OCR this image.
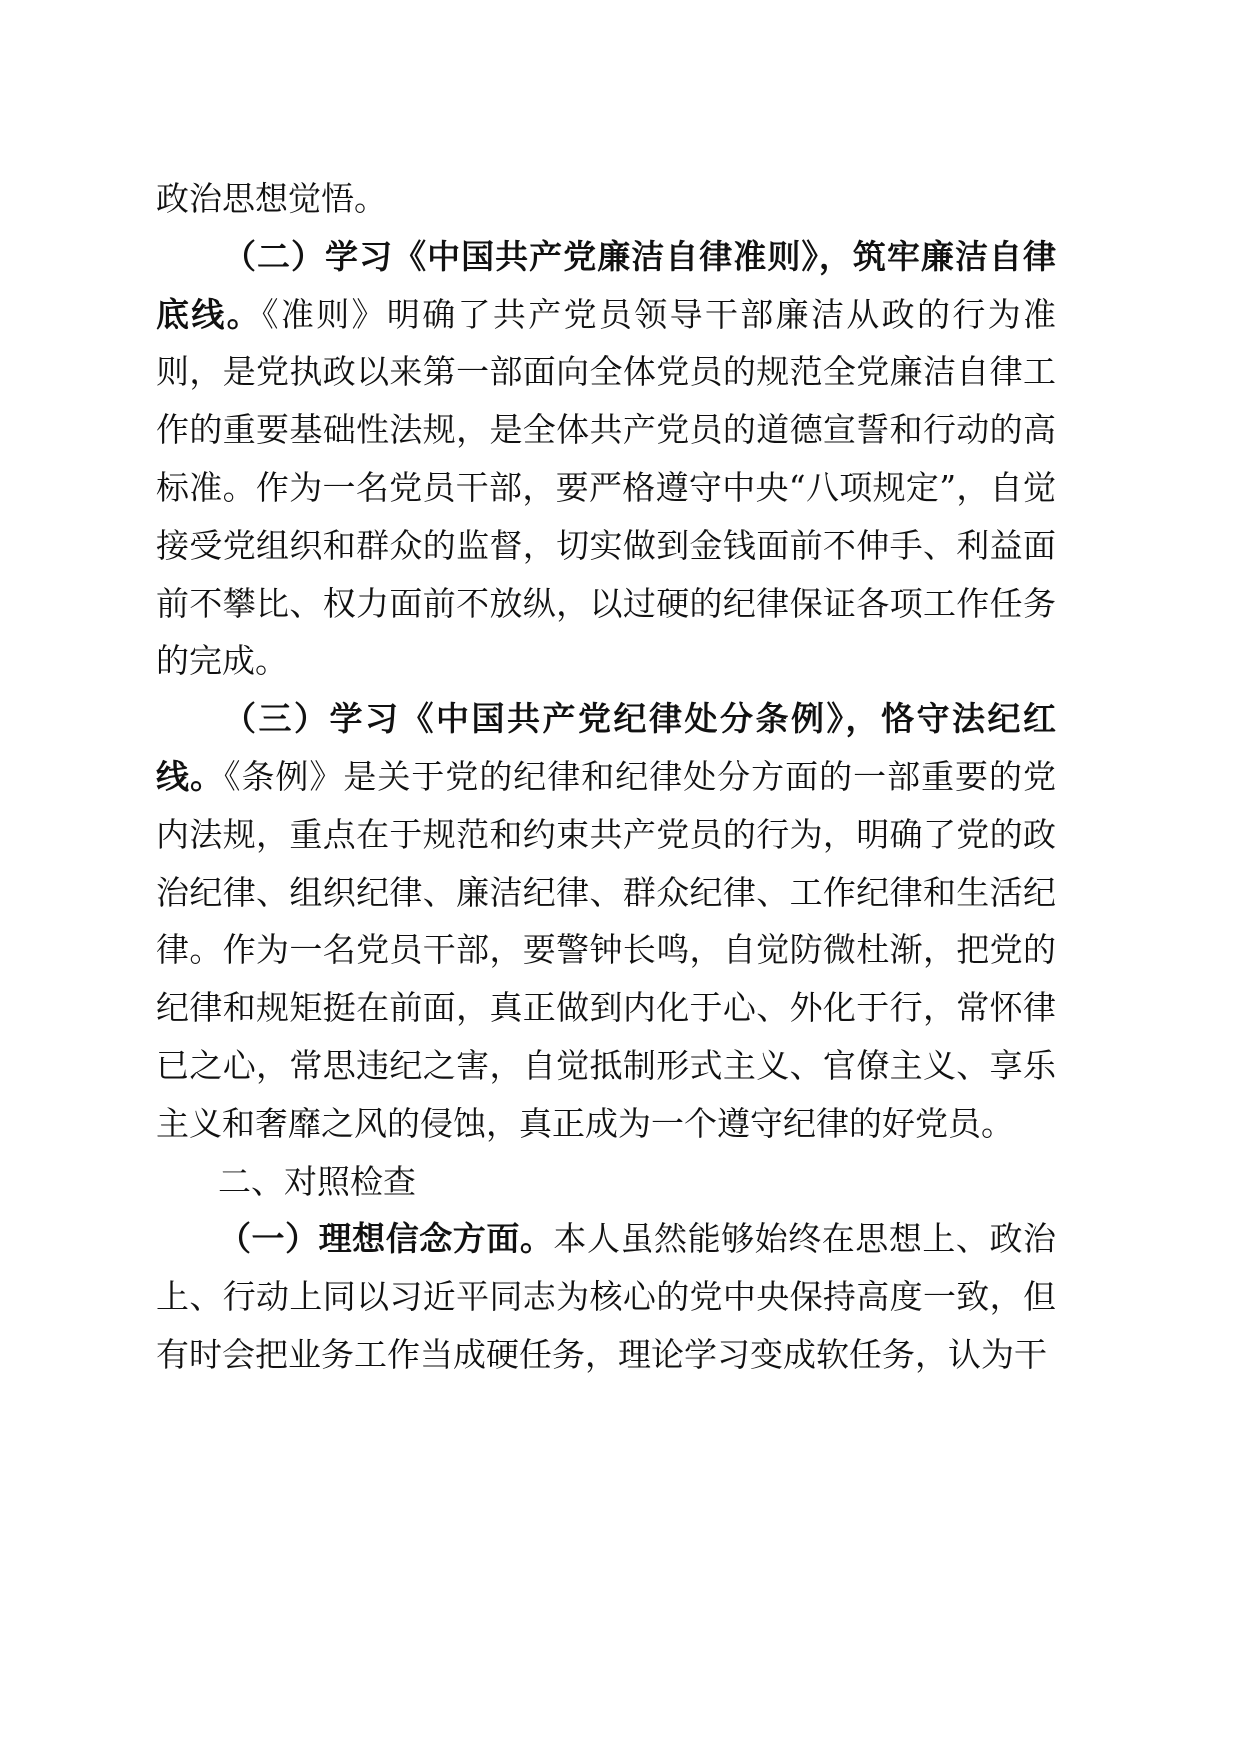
政治思想觉悟。

（二）学习《中国共产党廉洁自律准则》，筑牢廉洁自律底线。《准则》明确了共产党员领导干部廉洁从政的行为准则，是党执政以来第一部面向全体党员的规范全党廉洁自律工作的重要基础性法规，是全体共产党员的道德宣誓和行动的高标准。作为一名党员干部，要严格遵守中央“八项规定”，自觉接受党组织和群众的监督，切实做到金钱面前不伸手、利益面前不攀比、权力面前不放纵，以过硬的纪律保证各项工作任务的完成。

（三）学习《中国共产党纪律处分条例》，恪守法纪红线。《条例》是关于党的纪律和纪律处分方面的一部重要的党内法规，重点在于规范和约束共产党员的行为，明确了党的政治纪律、组织纪律、廉洁纪律、群众纪律、工作纪律和生活纪律。作为一名党员干部，要警钟长鸣，自觉防微杜渐，把党的纪律和规矩挺在前面，真正做到内化于心、外化于行，常怀律已之心，常思违纪之害，自觉抵制形式主义、官僚主义、享乐主义和奢靡之风的侵蚀，真正成为一个遵守纪律的好党员。

二、对照检查

（一）理想信念方面。本人虽然能够始终在思想上、政治上、行动上同以习近平同志为核心的党中央保持高度一致，但有时会把业务工作当成硬任务，理论学习变成软任务，认为干
